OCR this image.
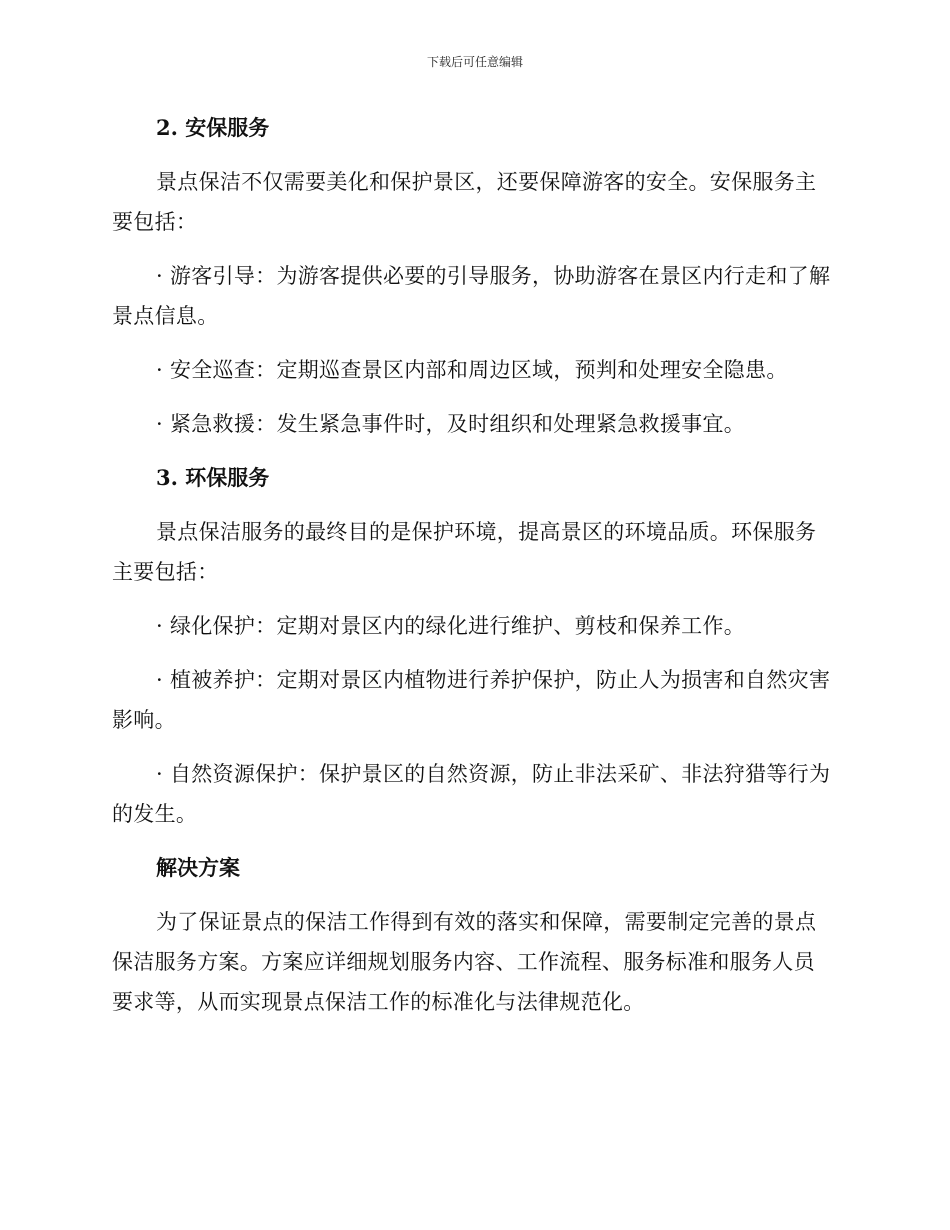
下载后可任意编辑
2. 安保服务

景点保洁不仅需要美化和保护景区，还要保障游客的安全。安保服务主要包括：

· 游客引导：为游客提供必要的引导服务，协助游客在景区内行走和了解景点信息。

· 安全巡查：定期巡查景区内部和周边区域，预判和处理安全隐患。

· 紧急救援：发生紧急事件时，及时组织和处理紧急救援事宜。

3. 环保服务

景点保洁服务的最终目的是保护环境，提高景区的环境品质。环保服务主要包括：

· 绿化保护：定期对景区内的绿化进行维护、剪枝和保养工作。

· 植被养护：定期对景区内植物进行养护保护，防止人为损害和自然灾害影响。

· 自然资源保护：保护景区的自然资源，防止非法采矿、非法狩猎等行为的发生。

解决方案

为了保证景点的保洁工作得到有效的落实和保障，需要制定完善的景点保洁服务方案。方案应详细规划服务内容、工作流程、服务标准和服务人员要求等，从而实现景点保洁工作的标准化与法律规范化。
